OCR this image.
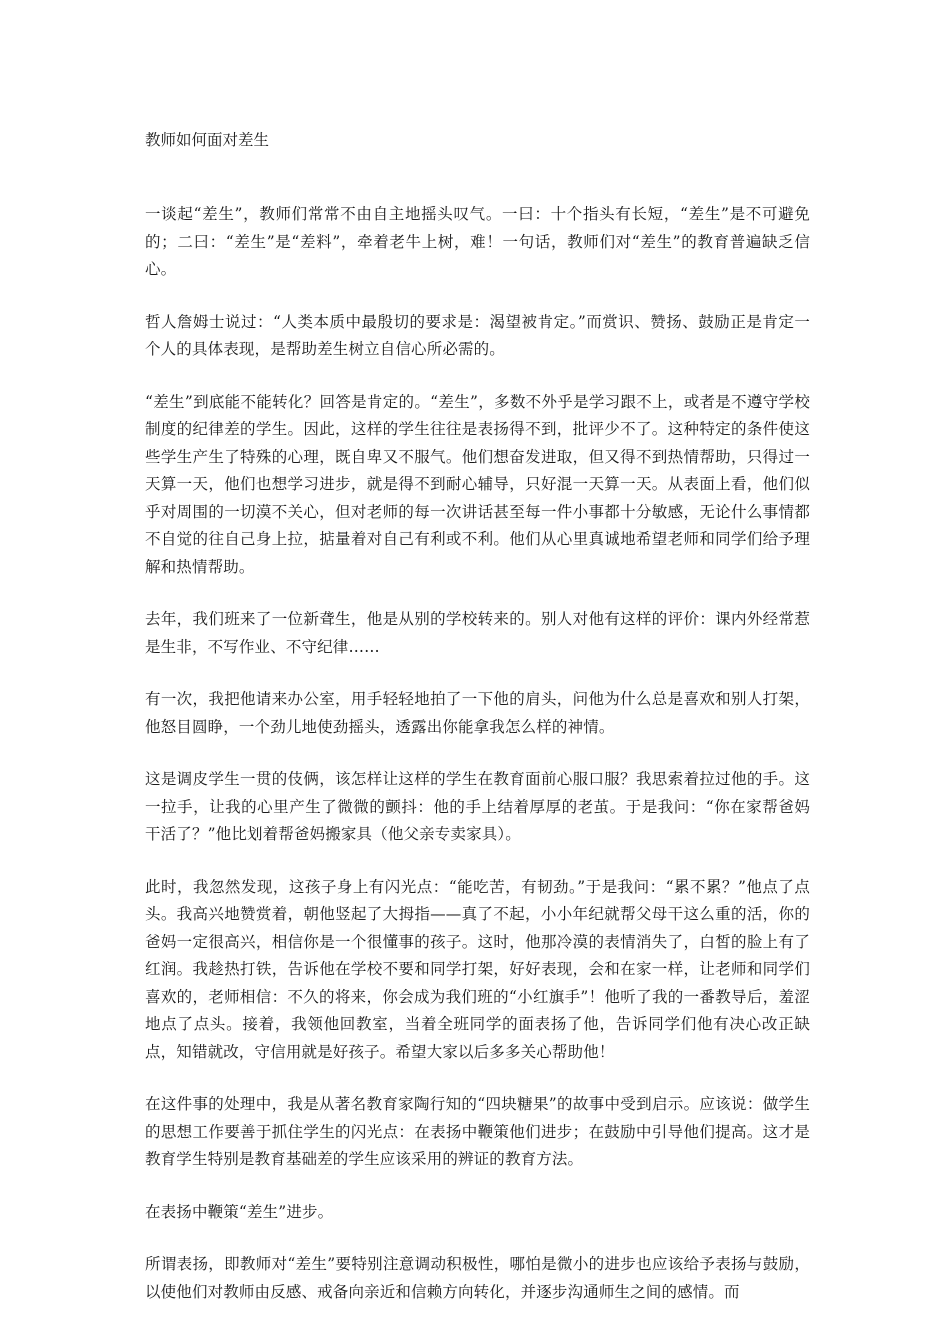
教师如何面对差生

一谈起“差生”，教师们常常不由自主地摇头叹气。一曰：十个指头有长短，“差生”是不可避免的；二曰：“差生”是“差料”，牵着老牛上树，难！一句话，教师们对“差生”的教育普遍缺乏信心。

哲人詹姆士说过：“人类本质中最殷切的要求是：渴望被肯定。”而赏识、赞扬、鼓励正是肯定一个人的具体表现，是帮助差生树立自信心所必需的。

“差生”到底能不能转化？回答是肯定的。“差生”，多数不外乎是学习跟不上，或者是不遵守学校制度的纪律差的学生。因此，这样的学生往往是表扬得不到，批评少不了。这种特定的条件使这些学生产生了特殊的心理，既自卑又不服气。他们想奋发进取，但又得不到热情帮助，只得过一天算一天，他们也想学习进步，就是得不到耐心辅导，只好混一天算一天。从表面上看，他们似乎对周围的一切漠不关心，但对老师的每一次讲话甚至每一件小事都十分敏感，无论什么事情都不自觉的往自己身上拉，掂量着对自己有利或不利。他们从心里真诚地希望老师和同学们给予理解和热情帮助。

去年，我们班来了一位新聋生，他是从别的学校转来的。别人对他有这样的评价：课内外经常惹是生非，不写作业、不守纪律……

有一次，我把他请来办公室，用手轻轻地拍了一下他的肩头，问他为什么总是喜欢和别人打架，他怒目圆睁，一个劲儿地使劲摇头，透露出你能拿我怎么样的神情。

这是调皮学生一贯的伎俩，该怎样让这样的学生在教育面前心服口服？我思索着拉过他的手。这一拉手，让我的心里产生了微微的颤抖：他的手上结着厚厚的老茧。于是我问：“你在家帮爸妈干活了？”他比划着帮爸妈搬家具（他父亲专卖家具）。

此时，我忽然发现，这孩子身上有闪光点：“能吃苦，有韧劲。”于是我问：“累不累？”他点了点头。我高兴地赞赏着，朝他竖起了大拇指——真了不起，小小年纪就帮父母干这么重的活，你的爸妈一定很高兴，相信你是一个很懂事的孩子。这时，他那冷漠的表情消失了，白皙的脸上有了红润。我趁热打铁，告诉他在学校不要和同学打架，好好表现，会和在家一样，让老师和同学们喜欢的，老师相信：不久的将来，你会成为我们班的“小红旗手”！他听了我的一番教导后，羞涩地点了点头。接着，我领他回教室，当着全班同学的面表扬了他，告诉同学们他有决心改正缺点，知错就改，守信用就是好孩子。希望大家以后多多关心帮助他！

在这件事的处理中，我是从著名教育家陶行知的“四块糖果”的故事中受到启示。应该说：做学生的思想工作要善于抓住学生的闪光点：在表扬中鞭策他们进步；在鼓励中引导他们提高。这才是教育学生特别是教育基础差的学生应该采用的辨证的教育方法。

在表扬中鞭策“差生”进步。

所谓表扬，即教师对“差生”要特别注意调动积极性，哪怕是微小的进步也应该给予表扬与鼓励，以使他们对教师由反感、戒备向亲近和信赖方向转化，并逐步沟通师生之间的感情。而
